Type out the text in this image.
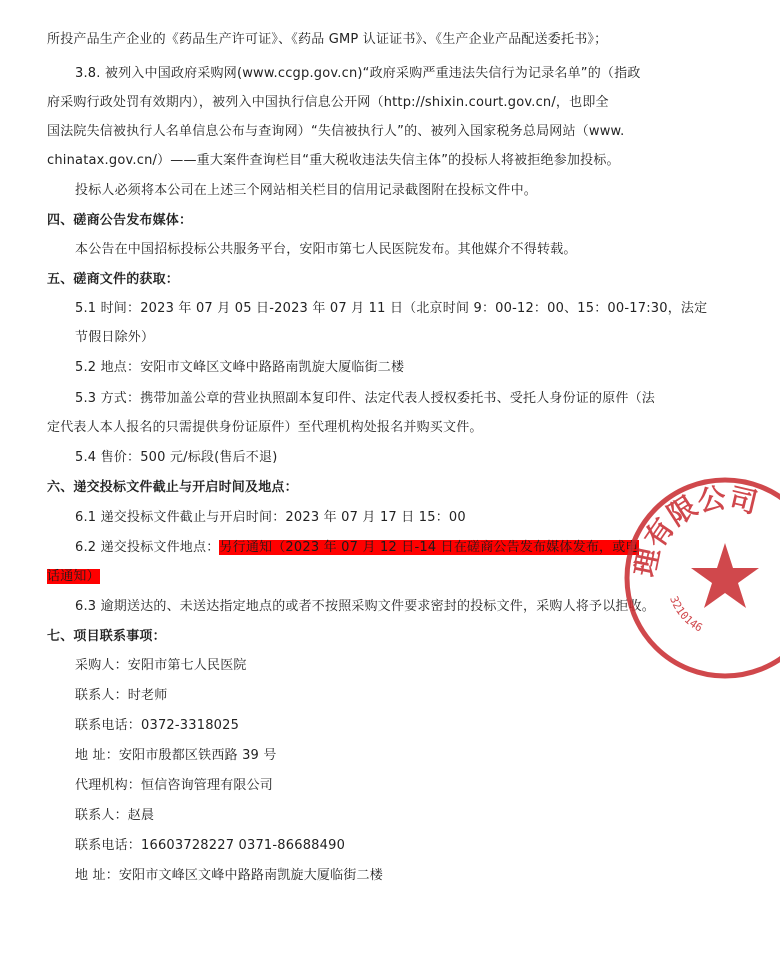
所投产品生产企业的《药品生产许可证》、《药品 GMP 认证证书》、《生产企业产品配送委托书》；
3.8. 被列入中国政府采购网(www.ccgp.gov.cn)“政府采购严重违法失信行为记录名单”的（指政
府采购行政处罚有效期内），被列入中国执行信息公开网（http://shixin.court.gov.cn/，也即全
国法院失信被执行人名单信息公布与查询网）“失信被执行人”的、被列入国家税务总局网站（www.
chinatax.gov.cn/）——重大案件查询栏目“重大税收违法失信主体”的投标人将被拒绝参加投标。
投标人必须将本公司在上述三个网站相关栏目的信用记录截图附在投标文件中。
四、磋商公告发布媒体：
本公告在中国招标投标公共服务平台，安阳市第七人民医院发布。其他媒介不得转载。
五、磋商文件的获取：
5.1 时间：2023 年 07 月 05 日-2023 年 07 月 11 日（北京时间 9：00-12：00、15：00-17:30，法定
节假日除外）
5.2 地点：安阳市文峰区文峰中路路南凯旋大厦临街二楼
5.3 方式：携带加盖公章的营业执照副本复印件、法定代表人授权委托书、受托人身份证的原件（法
定代表人本人报名的只需提供身份证原件）至代理机构处报名并购买文件。
5.4 售价：500 元/标段(售后不退)
六、递交投标文件截止与开启时间及地点：
6.1 递交投标文件截止与开启时间：2023 年 07 月 17 日 15：00
6.2 递交投标文件地点：另行通知（2023 年 07 月 12 日-14 日在磋商公告发布媒体发布，或电
话通知）
6.3 逾期送达的、未送达指定地点的或者不按照采购文件要求密封的投标文件，采购人将予以拒收。
七、项目联系事项：
采购人：安阳市第七人民医院
联系人：时老师
联系电话：0372-3318025
地 址：安阳市殷都区铁西路 39 号
代理机构：恒信咨询管理有限公司
联系人：赵晨
联系电话：16603728227 0371-86688490
地 址：安阳市文峰区文峰中路路南凯旋大厦临街二楼
理有限公司
3210146
